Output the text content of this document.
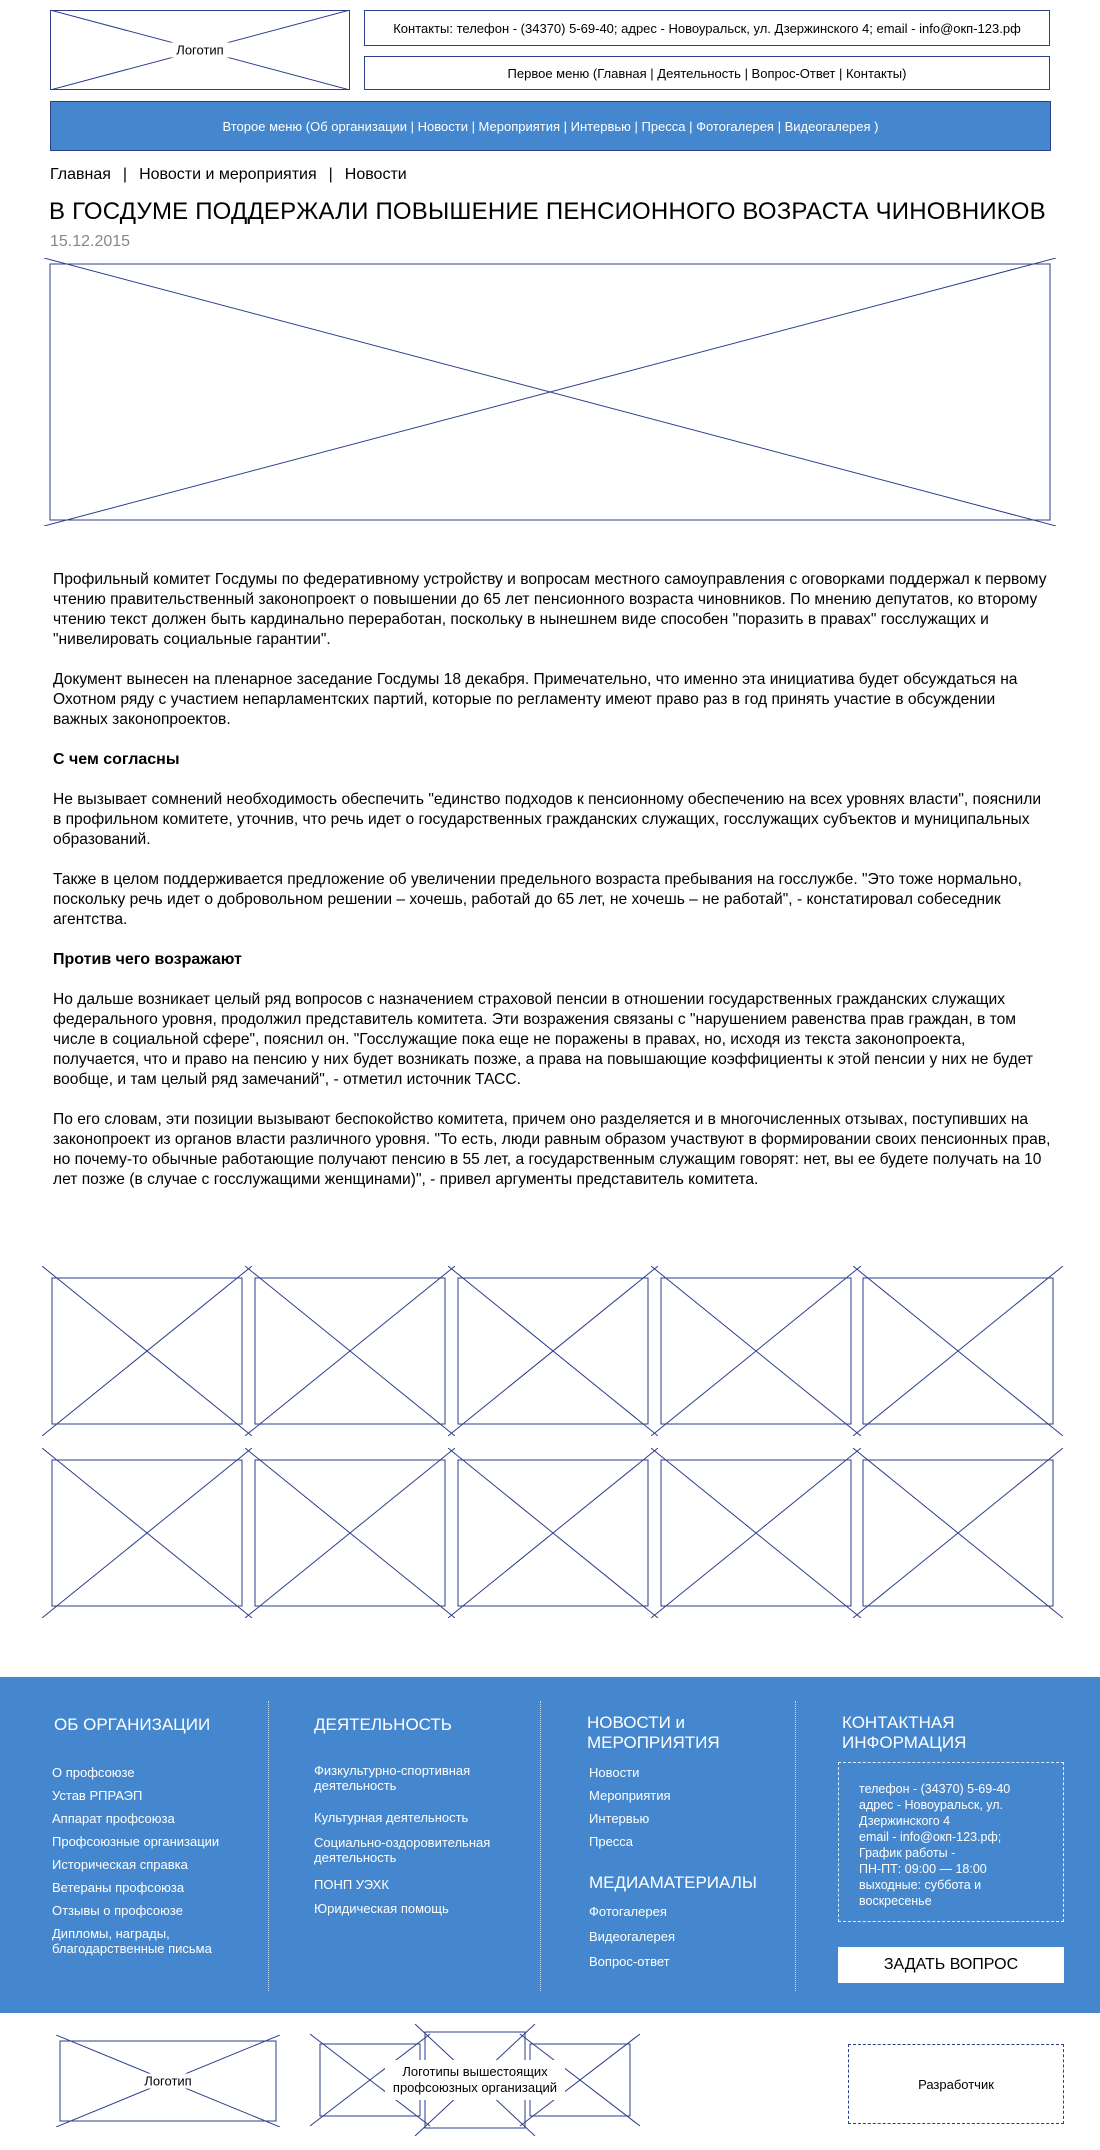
Логотип
Контакты: телефон - (34370) 5-69-40; адрес - Новоуральск, ул. Дзержинского 4; email - info@окп-123.рф
Первое меню (Главная | Деятельность | Вопрос-Ответ | Контакты)
Второе меню (Об организации | Новости | Мероприятия | Интервью | Пресса | Фотогалерея | Видеогалерея )
Главная | Новости и мероприятия | Новости
В ГОСДУМЕ ПОДДЕРЖАЛИ ПОВЫШЕНИЕ ПЕНСИОННОГО ВОЗРАСТА ЧИНОВНИКОВ
15.12.2015

Профильный комитет Госдумы по федеративному устройству и вопросам местного самоуправления с оговорками поддержал к первому чтению правительственный законопроект о повышении до 65 лет пенсионного возраста чиновников. По мнению депутатов, ко второму чтению текст должен быть кардинально переработан, поскольку в нынешнем виде способен "поразить в правах" госслужащих и "нивелировать социальные гарантии".

Документ вынесен на пленарное заседание Госдумы 18 декабря. Примечательно, что именно эта инициатива будет обсуждаться на Охотном ряду с участием непарламентских партий, которые по регламенту имеют право раз в год принять участие в обсуждении важных законопроектов.

С чем согласны

Не вызывает сомнений необходимость обеспечить "единство подходов к пенсионному обеспечению на всех уровнях власти", пояснили в профильном комитете, уточнив, что речь идет о государственных гражданских служащих, госслужащих субъектов и муниципальных образований.

Также в целом поддерживается предложение об увеличении предельного возраста пребывания на госслужбе. "Это тоже нормально, поскольку речь идет о добровольном решении – хочешь, работай до 65 лет, не хочешь – не работай", - констатировал собеседник агентства.

Против чего возражают

Но дальше возникает целый ряд вопросов с назначением страховой пенсии в отношении государственных гражданских служащих федерального уровня, продолжил представитель комитета. Эти возражения связаны с "нарушением равенства прав граждан, в том числе в социальной сфере", пояснил он. "Госслужащие пока еще не поражены в правах, но, исходя из текста законопроекта, получается, что и право на пенсию у них будет возникать позже, а права на повышающие коэффициенты к этой пенсии у них не будет вообще, и там целый ряд замечаний", - отметил источник ТАСС.

По его словам, эти позиции вызывают беспокойство комитета, причем оно разделяется и в многочисленных отзывах, поступивших на законопроект из органов власти различного уровня. "То есть, люди равным образом участвуют в формировании своих пенсионных прав, но почему-то обычные работающие получают пенсию в 55 лет, а государственным служащим говорят: нет, вы ее будете получать на 10 лет позже (в случае с госслужащими женщинами)", - привел аргументы представитель комитета.

ОБ ОРГАНИЗАЦИИ
О профсоюзе
Устав РПРАЭП
Аппарат профсоюза
Профсоюзные организации
Историческая справка
Ветераны профсоюза
Отзывы о профсоюзе
Дипломы, награды, благодарственные письма
ДЕЯТЕЛЬНОСТЬ
Физкультурно-спортивная деятельность
Культурная деятельность
Социально-оздоровительная деятельность
ПОНП УЭХК
Юридическая помощь
НОВОСТИ и МЕРОПРИЯТИЯ
Новости
Мероприятия
Интервью
Пресса
МЕДИАМАТЕРИАЛЫ
Фотогалерея
Видеогалерея
Вопрос-ответ
КОНТАКТНАЯ ИНФОРМАЦИЯ
телефон - (34370) 5-69-40
адрес - Новоуральск, ул. Дзержинского 4
email - info@окп-123.рф;
График работы -
ПН-ПТ: 09:00 — 18:00
выходные: суббота и воскресенье
ЗАДАТЬ ВОПРОС
Логотип
Логотипы вышестоящих профсоюзных организаций	Разработчик
